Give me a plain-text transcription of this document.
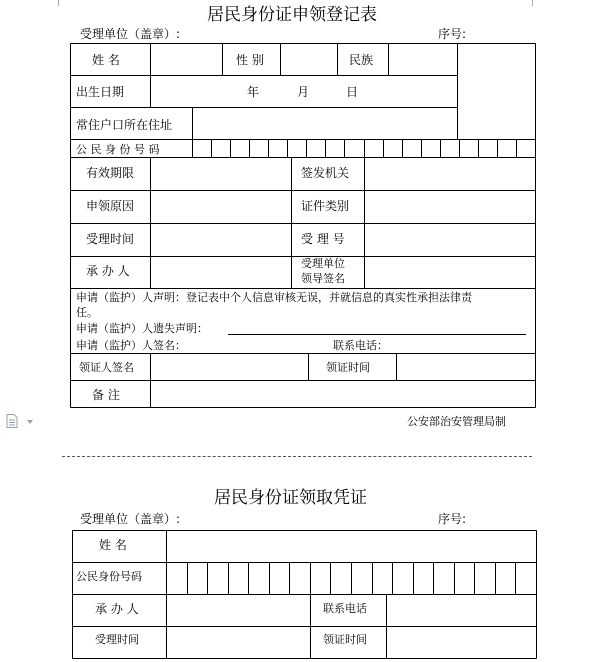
居民身份证申领登记表
受理单位（盖章）:	序号:
姓 名	性 别	民族
出生日期	年	月	日
常住户口所在住址
公 民 身 份 号 码
有效期限	签发机关
申领原因	证件类别
受理时间	受 理 号
承 办 人
受理单位
领导签名
申请（监护）人声明：登记表中个人信息审核无误，并就信息的真实性承担法律责
任。
申请（监护）人遗失声明：
申请（监护）人签名：	联系电话：
领证人签名	领证时间
备 注
公安部治安管理局制
居民身份证领取凭证
受理单位（盖章）:	序号:
姓 名
公民身份号码
承 办 人	联系电话
受理时间	领证时间
